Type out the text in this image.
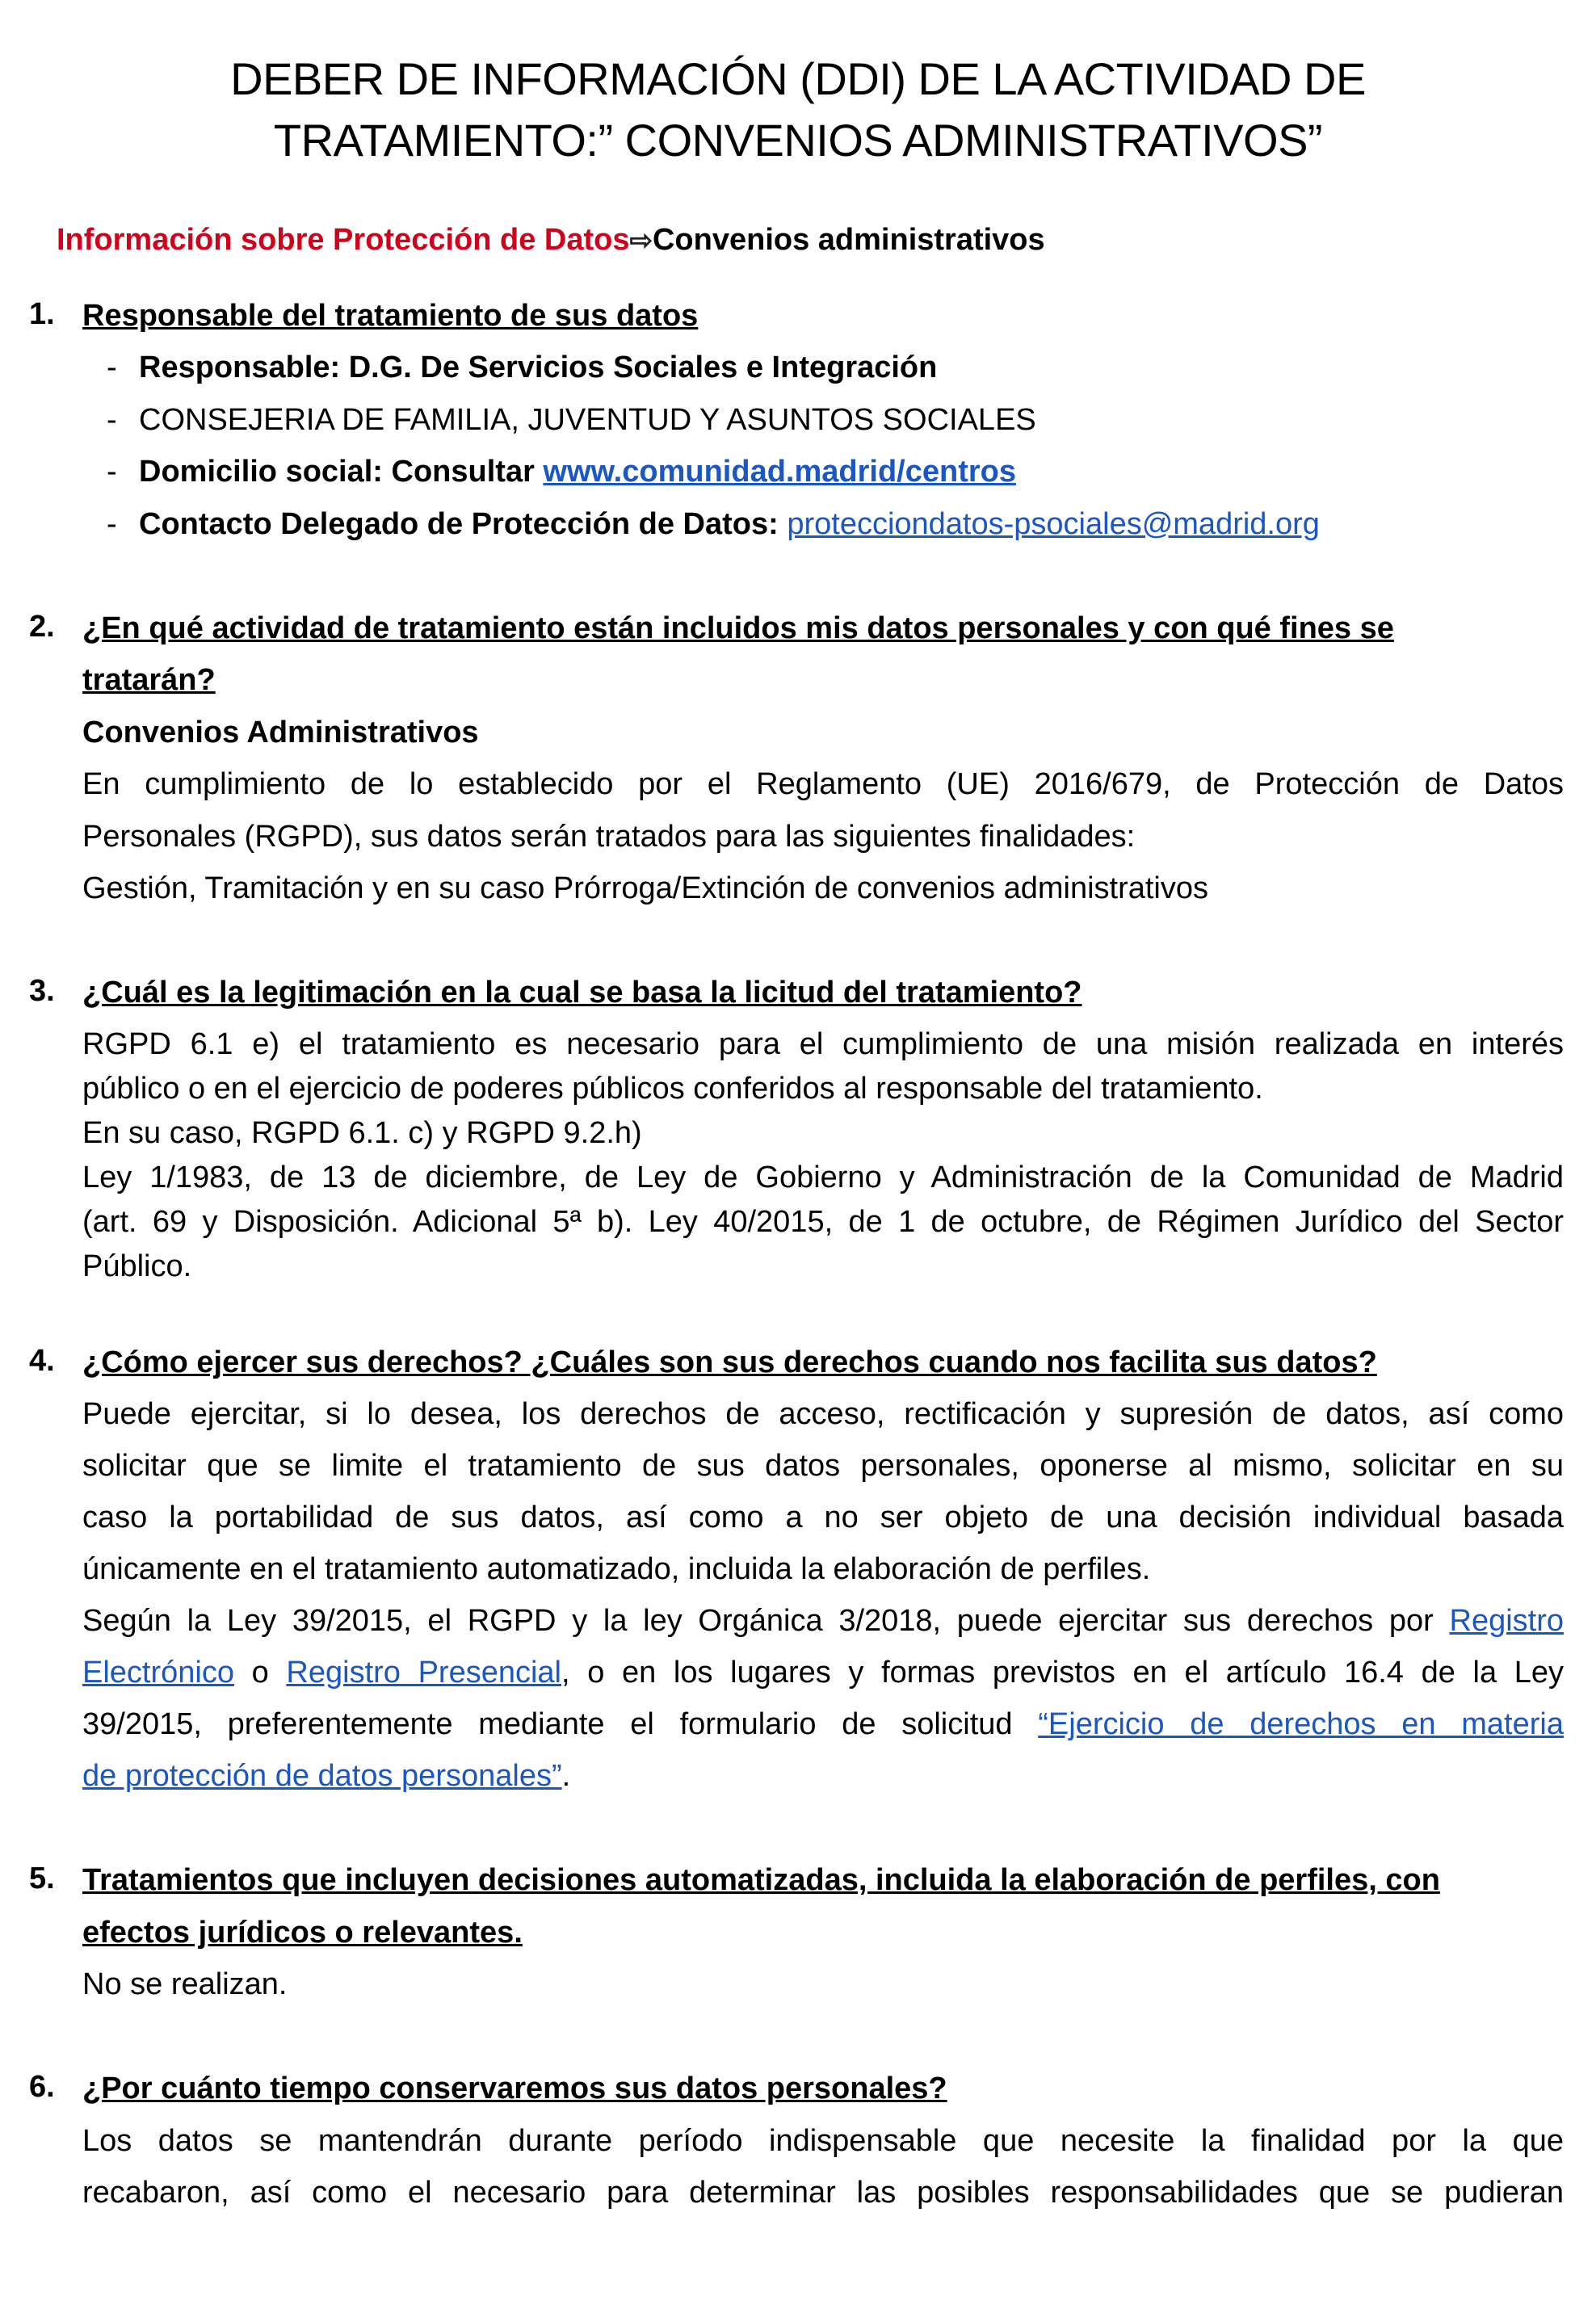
DEBER DE INFORMACIÓN (DDI) DE LA ACTIVIDAD DE
TRATAMIENTO:” CONVENIOS ADMINISTRATIVOS”
Información sobre Protección de Datos⇨Convenios administrativos
1. Responsable del tratamiento de sus datos
- Responsable: D.G. De Servicios Sociales e Integración
- CONSEJERIA DE FAMILIA, JUVENTUD Y ASUNTOS SOCIALES
- Domicilio social: Consultar www.comunidad.madrid/centros
- Contacto Delegado de Protección de Datos: protecciondatos-psociales@madrid.org
2. ¿En qué actividad de tratamiento están incluidos mis datos personales y con qué fines se
tratarán?
Convenios Administrativos
En cumplimiento de lo establecido por el Reglamento (UE) 2016/679, de Protección de Datos
Personales (RGPD), sus datos serán tratados para las siguientes finalidades:
Gestión, Tramitación y en su caso Prórroga/Extinción de convenios administrativos
3. ¿Cuál es la legitimación en la cual se basa la licitud del tratamiento?
RGPD 6.1 e) el tratamiento es necesario para el cumplimiento de una misión realizada en interés
público o en el ejercicio de poderes públicos conferidos al responsable del tratamiento.
En su caso, RGPD 6.1. c) y RGPD 9.2.h)
Ley 1/1983, de 13 de diciembre, de Ley de Gobierno y Administración de la Comunidad de Madrid
(art. 69 y Disposición. Adicional 5ª b). Ley 40/2015, de 1 de octubre, de Régimen Jurídico del Sector
Público.
4. ¿Cómo ejercer sus derechos? ¿Cuáles son sus derechos cuando nos facilita sus datos?
Puede ejercitar, si lo desea, los derechos de acceso, rectificación y supresión de datos, así como
solicitar que se limite el tratamiento de sus datos personales, oponerse al mismo, solicitar en su
caso la portabilidad de sus datos, así como a no ser objeto de una decisión individual basada
únicamente en el tratamiento automatizado, incluida la elaboración de perfiles.
Según la Ley 39/2015, el RGPD y la ley Orgánica 3/2018, puede ejercitar sus derechos por Registro
Electrónico o Registro Presencial, o en los lugares y formas previstos en el artículo 16.4 de la Ley
39/2015, preferentemente mediante el formulario de solicitud “Ejercicio de derechos en materia
de protección de datos personales”.
5. Tratamientos que incluyen decisiones automatizadas, incluida la elaboración de perfiles, con
efectos jurídicos o relevantes.
No se realizan.
6. ¿Por cuánto tiempo conservaremos sus datos personales?
Los datos se mantendrán durante período indispensable que necesite la finalidad por la que
recabaron, así como el necesario para determinar las posibles responsabilidades que se pudieran
